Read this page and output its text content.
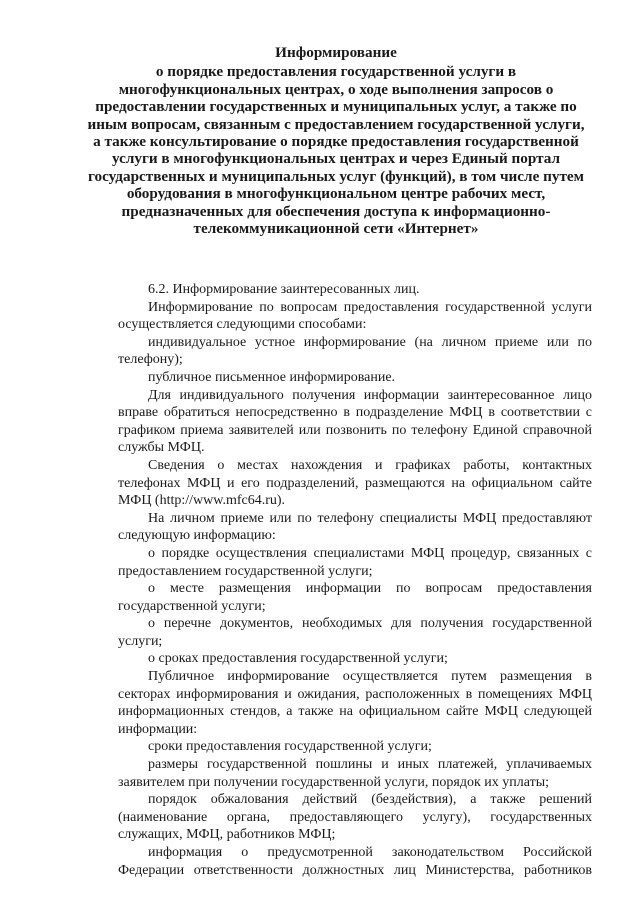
Информирование
о порядке предоставления государственной услуги в
многофункциональных центрах, о ходе выполнения запросов о
предоставлении государственных и муниципальных услуг, а также по
иным вопросам, связанным с предоставлением государственной услуги,
а также консультирование о порядке предоставления государственной
услуги в многофункциональных центрах и через Единый портал
государственных и муниципальных услуг (функций), в том числе путем
оборудования в многофункциональном центре рабочих мест,
предназначенных для обеспечения доступа к информационно-
телекоммуникационной сети «Интернет»
6.2. Информирование заинтересованных лиц.
Информирование по вопросам предоставления государственной услуги
осуществляется следующими способами:
индивидуальное устное информирование (на личном приеме или по
телефону);
публичное письменное информирование.
Для индивидуального получения информации заинтересованное лицо
вправе обратиться непосредственно в подразделение МФЦ в соответствии с
графиком приема заявителей или позвонить по телефону Единой справочной
службы МФЦ.
Сведения о местах нахождения и графиках работы, контактных
телефонах МФЦ и его подразделений, размещаются на официальном сайте
МФЦ (http://www.mfc64.ru).
На личном приеме или по телефону специалисты МФЦ предоставляют
следующую информацию:
о порядке осуществления специалистами МФЦ процедур, связанных с
предоставлением государственной услуги;
о месте размещения информации по вопросам предоставления
государственной услуги;
о перечне документов, необходимых для получения государственной
услуги;
о сроках предоставления государственной услуги;
Публичное информирование осуществляется путем размещения в
секторах информирования и ожидания, расположенных в помещениях МФЦ
информационных стендов, а также на официальном сайте МФЦ следующей
информации:
сроки предоставления государственной услуги;
размеры государственной пошлины и иных платежей, уплачиваемых
заявителем при получении государственной услуги, порядок их уплаты;
порядок обжалования действий (бездействия), а также решений
(наименование органа, предоставляющего услугу), государственных
служащих, МФЦ, работников МФЦ;
информация о предусмотренной законодательством Российской
Федерации ответственности должностных лиц Министерства, работников
